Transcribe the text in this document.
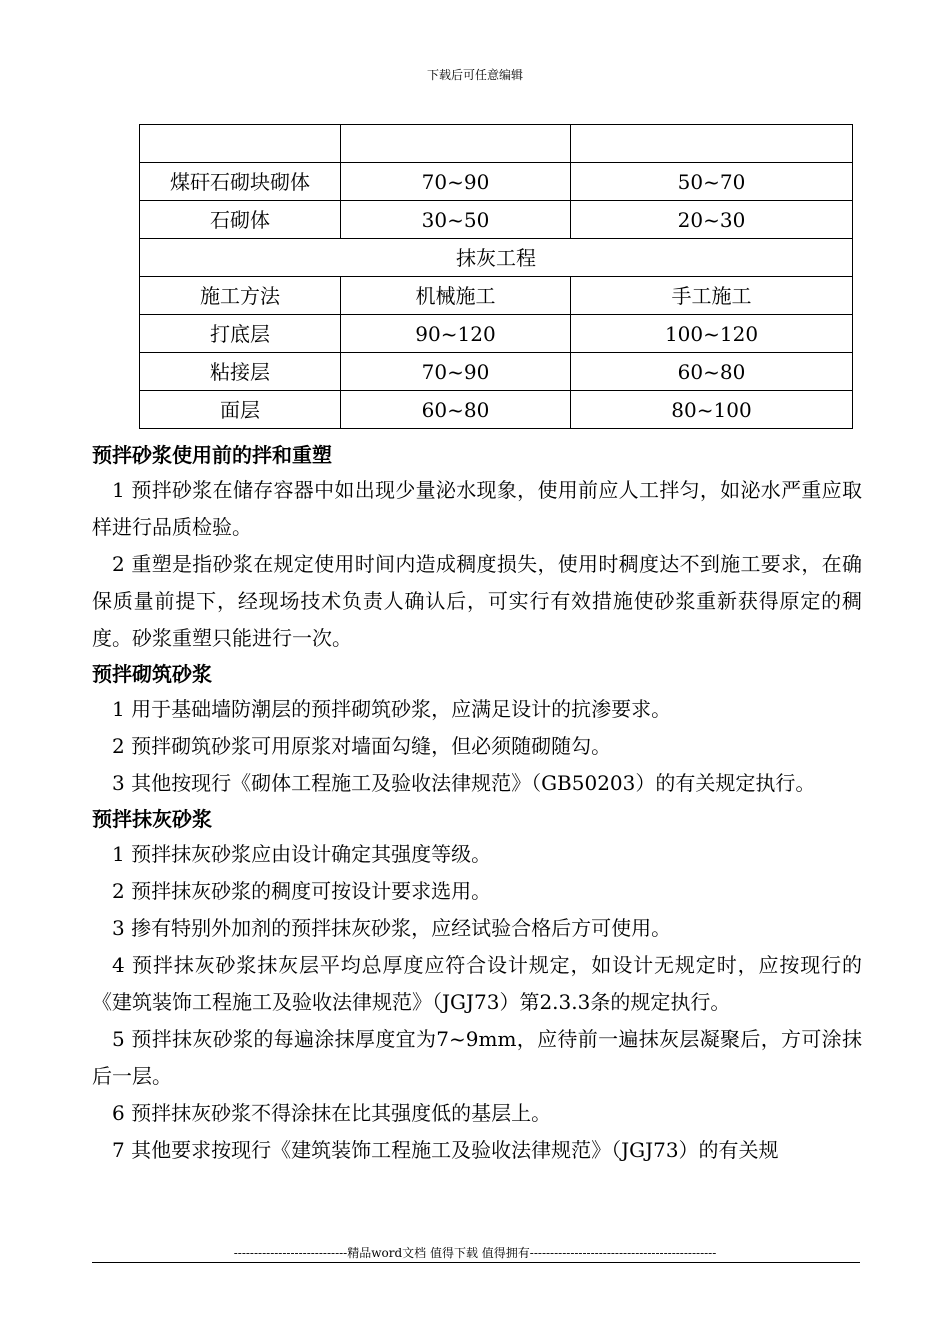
下载后可任意编辑

煤矸石砌块砌体	70~90	50~70
石砌体	30~50	20~30
抹灰工程		
施工方法	机械施工	手工施工
打底层	90~120	100~120
粘接层	70~90	60~80
面层	60~80	80~100
预拌砂浆使用前的拌和重塑

1 预拌砂浆在储存容器中如出现少量泌水现象，使用前应人工拌匀，如泌水严重应取样进行品质检验。

2 重塑是指砂浆在规定使用时间内造成稠度损失，使用时稠度达不到施工要求，在确保质量前提下，经现场技术负责人确认后，可实行有效措施使砂浆重新获得原定的稠度。砂浆重塑只能进行一次。

预拌砌筑砂浆

1 用于基础墙防潮层的预拌砌筑砂浆，应满足设计的抗渗要求。

2 预拌砌筑砂浆可用原浆对墙面勾缝，但必须随砌随勾。

3 其他按现行《砌体工程施工及验收法律规范》（GB50203）的有关规定执行。

预拌抹灰砂浆

1 预拌抹灰砂浆应由设计确定其强度等级。

2 预拌抹灰砂浆的稠度可按设计要求选用。

3 掺有特别外加剂的预拌抹灰砂浆，应经试验合格后方可使用。

4 预拌抹灰砂浆抹灰层平均总厚度应符合设计规定，如设计无规定时，应按现行的《建筑装饰工程施工及验收法律规范》（JGJ73）第2.3.3条的规定执行。

5 预拌抹灰砂浆的每遍涂抹厚度宜为7~9mm，应待前一遍抹灰层凝聚后，方可涂抹后一层。

6 预拌抹灰砂浆不得涂抹在比其强度低的基层上。

7 其他要求按现行《建筑装饰工程施工及验收法律规范》（JGJ73）的有关规

----------------------------精品word文档 值得下载 值得拥有----------------------------------------------
